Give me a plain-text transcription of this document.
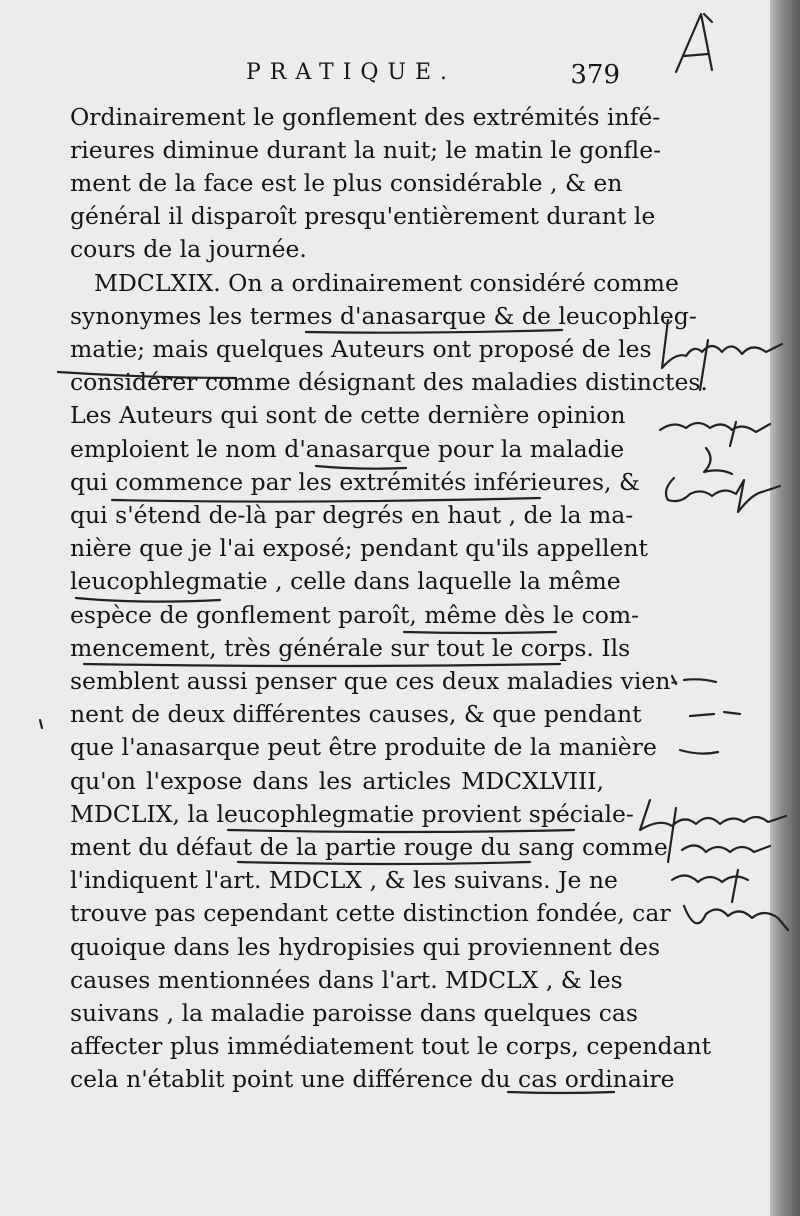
PRATIQUE.	379
Ordinairement le gonflement des extrémités infé-
rieures diminue durant la nuit; le matin le gonfle-
ment de la face est le plus considérable , & en
général il disparoît presqu'entièrement durant le
cours de la journée.
MDCLXIX. On a ordinairement considéré comme
synonymes les termes d'anasarque & de leucophleg-
matie; mais quelques Auteurs ont proposé de les
considérer comme désignant des maladies distinctes.
Les Auteurs qui sont de cette dernière opinion
emploient le nom d'anasarque pour la maladie
qui commence par les extrémités inférieures, &
qui s'étend de-là par degrés en haut , de la ma-
nière que je l'ai exposé; pendant qu'ils appellent
leucophlegmatie , celle dans laquelle la même
espèce de gonflement paroît, même dès le com-
mencement, très générale sur tout le corps. Ils
semblent aussi penser que ces deux maladies vien-
nent de deux différentes causes, & que pendant
que l'anasarque peut être produite de la manière
qu'on l'expose dans les articles MDCXLVIII,
MDCLIX, la leucophlegmatie provient spéciale-
ment du défaut de la partie rouge du sang comme
l'indiquent l'art. MDCLX , & les suivans. Je ne
trouve pas cependant cette distinction fondée, car
quoique dans les hydropisies qui proviennent des
causes mentionnées dans l'art. MDCLX , & les
suivans , la maladie paroisse dans quelques cas
affecter plus immédiatement tout le corps, cependant
cela n'établit point une différence du cas ordinaire
